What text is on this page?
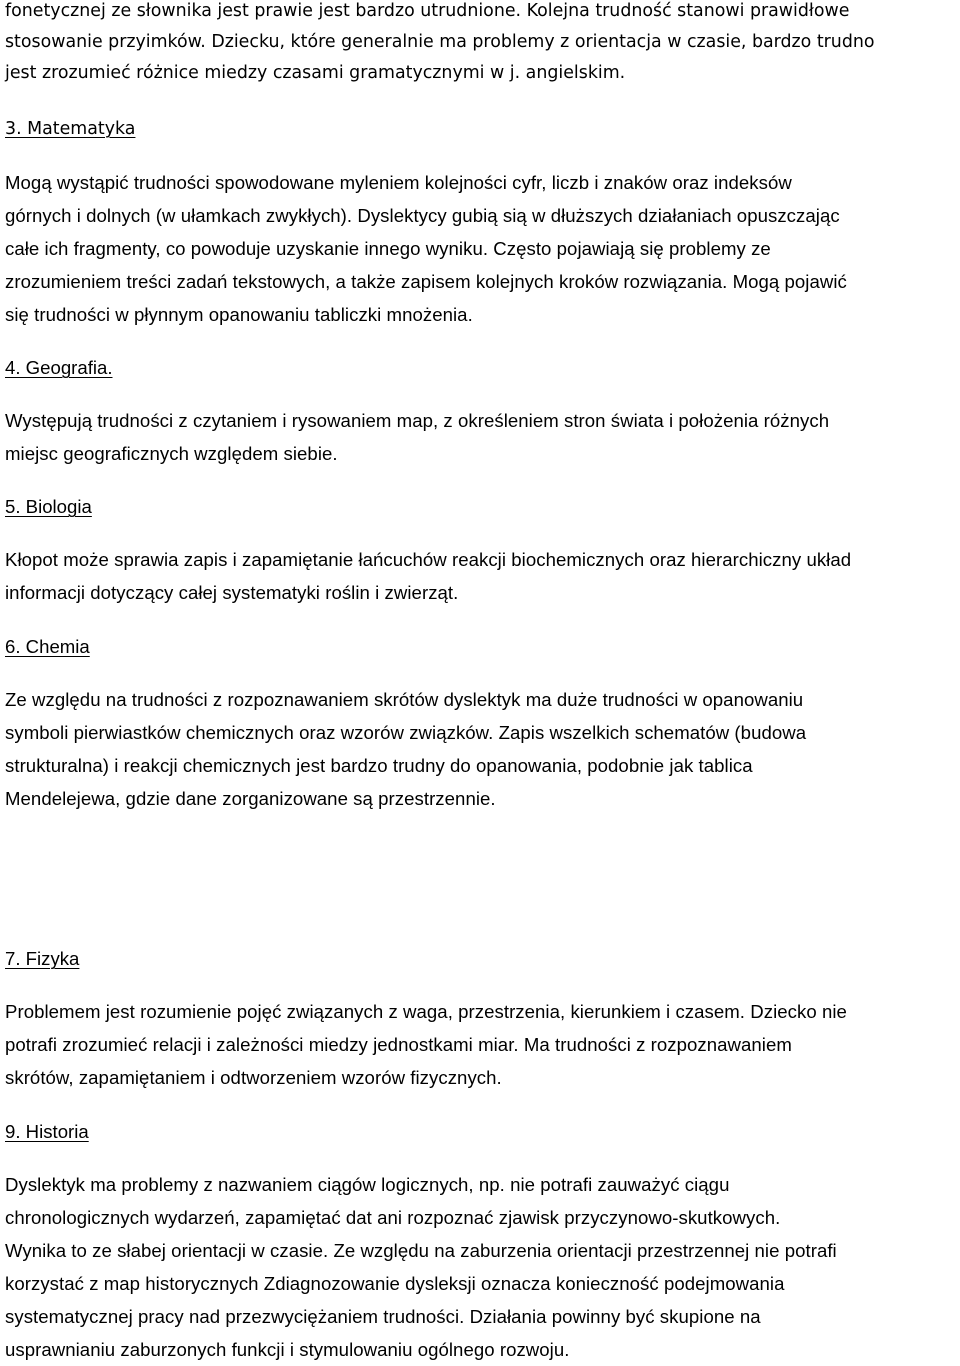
fonetycznej ze słownika jest prawie jest bardzo utrudnione. Kolejna trudność stanowi prawidłowe
stosowanie przyimków. Dziecku, które generalnie ma problemy z orientacja w czasie, bardzo trudno
jest zrozumieć różnice miedzy czasami gramatycznymi w j. angielskim.
3. Matematyka
Mogą wystąpić trudności spowodowane myleniem kolejności cyfr, liczb i znaków oraz indeksów
górnych i dolnych (w ułamkach zwykłych). Dyslektycy gubią sią w dłuższych działaniach opuszczając
całe ich fragmenty, co powoduje uzyskanie innego wyniku. Często pojawiają się problemy ze
zrozumieniem treści zadań tekstowych, a także zapisem kolejnych kroków rozwiązania. Mogą pojawić
się trudności w płynnym opanowaniu tabliczki mnożenia.
4. Geografia.
Występują trudności z czytaniem i rysowaniem map, z określeniem stron świata i położenia różnych
miejsc geograficznych względem siebie.
5. Biologia
Kłopot może sprawia zapis i zapamiętanie łańcuchów reakcji biochemicznych oraz hierarchiczny układ
informacji dotyczący całej systematyki roślin i zwierząt.
6. Chemia
Ze względu na trudności z rozpoznawaniem skrótów dyslektyk ma duże trudności w opanowaniu
symboli pierwiastków chemicznych oraz wzorów związków. Zapis wszelkich schematów (budowa
strukturalna) i reakcji chemicznych jest bardzo trudny do opanowania, podobnie jak tablica
Mendelejewa, gdzie dane zorganizowane są przestrzennie.
7. Fizyka
Problemem jest rozumienie pojęć związanych z waga, przestrzenia, kierunkiem i czasem. Dziecko nie
potrafi zrozumieć relacji i zależności miedzy jednostkami miar. Ma trudności z rozpoznawaniem
skrótów, zapamiętaniem i odtworzeniem wzorów fizycznych.
9. Historia
Dyslektyk ma problemy z nazwaniem ciągów logicznych, np. nie potrafi zauważyć ciągu
chronologicznych wydarzeń, zapamiętać dat ani rozpoznać zjawisk przyczynowo-skutkowych.
Wynika to ze słabej orientacji w czasie. Ze względu na zaburzenia orientacji przestrzennej nie potrafi
korzystać z map historycznych Zdiagnozowanie dysleksji oznacza konieczność podejmowania
systematycznej pracy nad przezwyciężaniem trudności. Działania powinny być skupione na
usprawnianiu zaburzonych funkcji i stymulowaniu ogólnego rozwoju.
